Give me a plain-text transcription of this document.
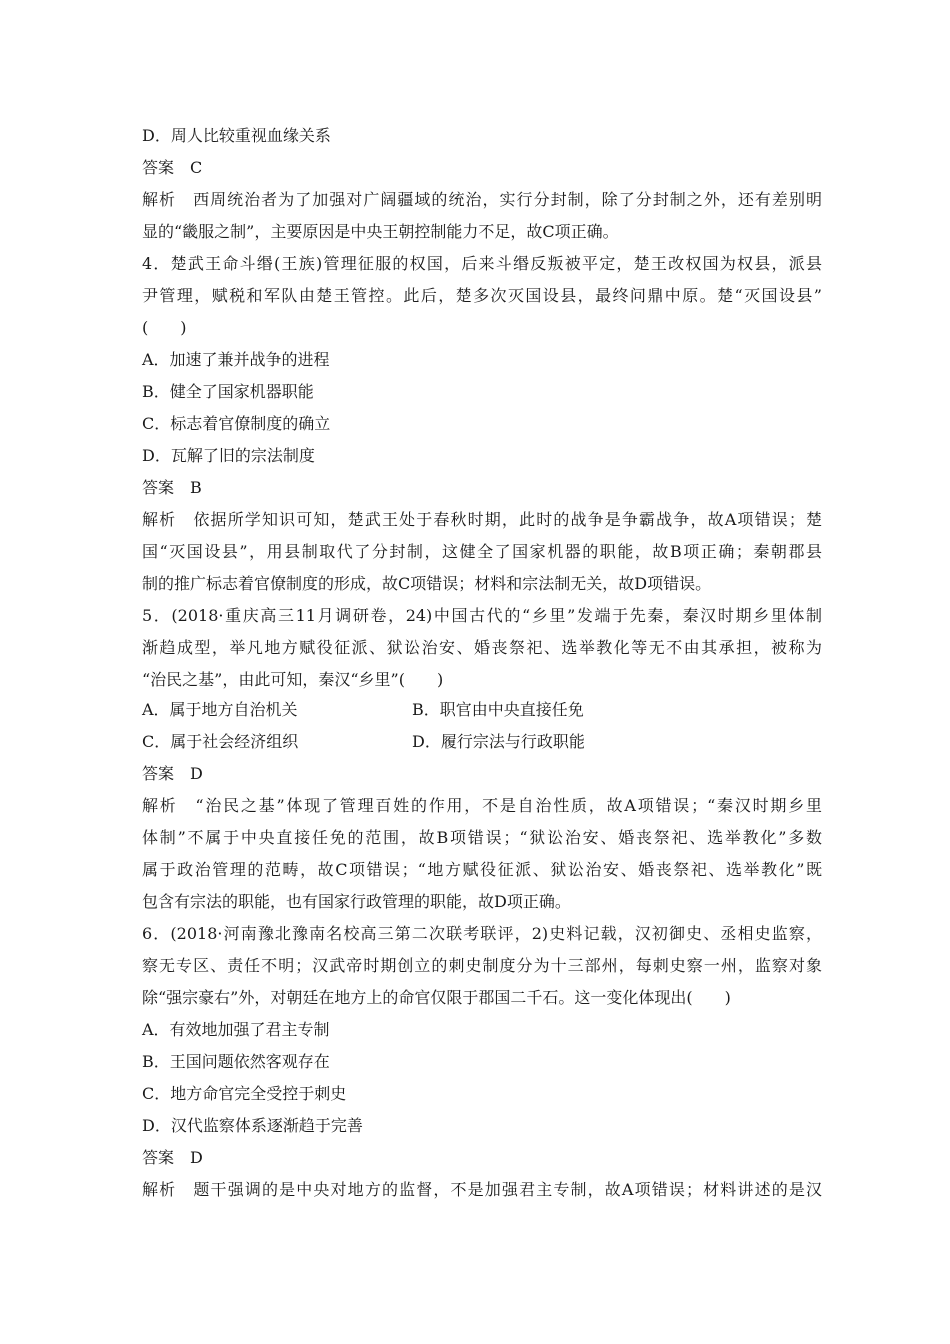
D．周人比较重视血缘关系
答案　C
解析　西周统治者为了加强对广阔疆域的统治，实行分封制，除了分封制之外，还有差别明
显的“畿服之制”，主要原因是中央王朝控制能力不足，故C项正确。
4．楚武王命斗缗(王族)管理征服的权国，后来斗缗反叛被平定，楚王改权国为权县，派县
尹管理，赋税和军队由楚王管控。此后，楚多次灭国设县，最终问鼎中原。楚“灭国设县”
(　　)
A．加速了兼并战争的进程
B．健全了国家机器职能
C．标志着官僚制度的确立
D．瓦解了旧的宗法制度
答案　B
解析　依据所学知识可知，楚武王处于春秋时期，此时的战争是争霸战争，故A项错误；楚
国“灭国设县”，用县制取代了分封制，这健全了国家机器的职能，故B项正确；秦朝郡县
制的推广标志着官僚制度的形成，故C项错误；材料和宗法制无关，故D项错误。
5．(2018·重庆高三11月调研卷，24)中国古代的“乡里”发端于先秦，秦汉时期乡里体制
渐趋成型，举凡地方赋役征派、狱讼治安、婚丧祭祀、选举教化等无不由其承担，被称为
“治民之基”，由此可知，秦汉“乡里”(　　)
A．属于地方自治机关	B．职官由中央直接任免
C．属于社会经济组织	D．履行宗法与行政职能
答案　D
解析　“治民之基”体现了管理百姓的作用，不是自治性质，故A项错误；“秦汉时期乡里
体制”不属于中央直接任免的范围，故B项错误；“狱讼治安、婚丧祭祀、选举教化”多数
属于政治管理的范畴，故C项错误；“地方赋役征派、狱讼治安、婚丧祭祀、选举教化”既
包含有宗法的职能，也有国家行政管理的职能，故D项正确。
6．(2018·河南豫北豫南名校高三第二次联考联评，2)史料记载，汉初御史、丞相史监察，
察无专区、责任不明；汉武帝时期创立的刺史制度分为十三部州，每刺史察一州，监察对象
除“强宗豪右”外，对朝廷在地方上的命官仅限于郡国二千石。这一变化体现出(　　)
A．有效地加强了君主专制
B．王国问题依然客观存在
C．地方命官完全受控于刺史
D．汉代监察体系逐渐趋于完善
答案　D
解析　题干强调的是中央对地方的监督，不是加强君主专制，故A项错误；材料讲述的是汉
